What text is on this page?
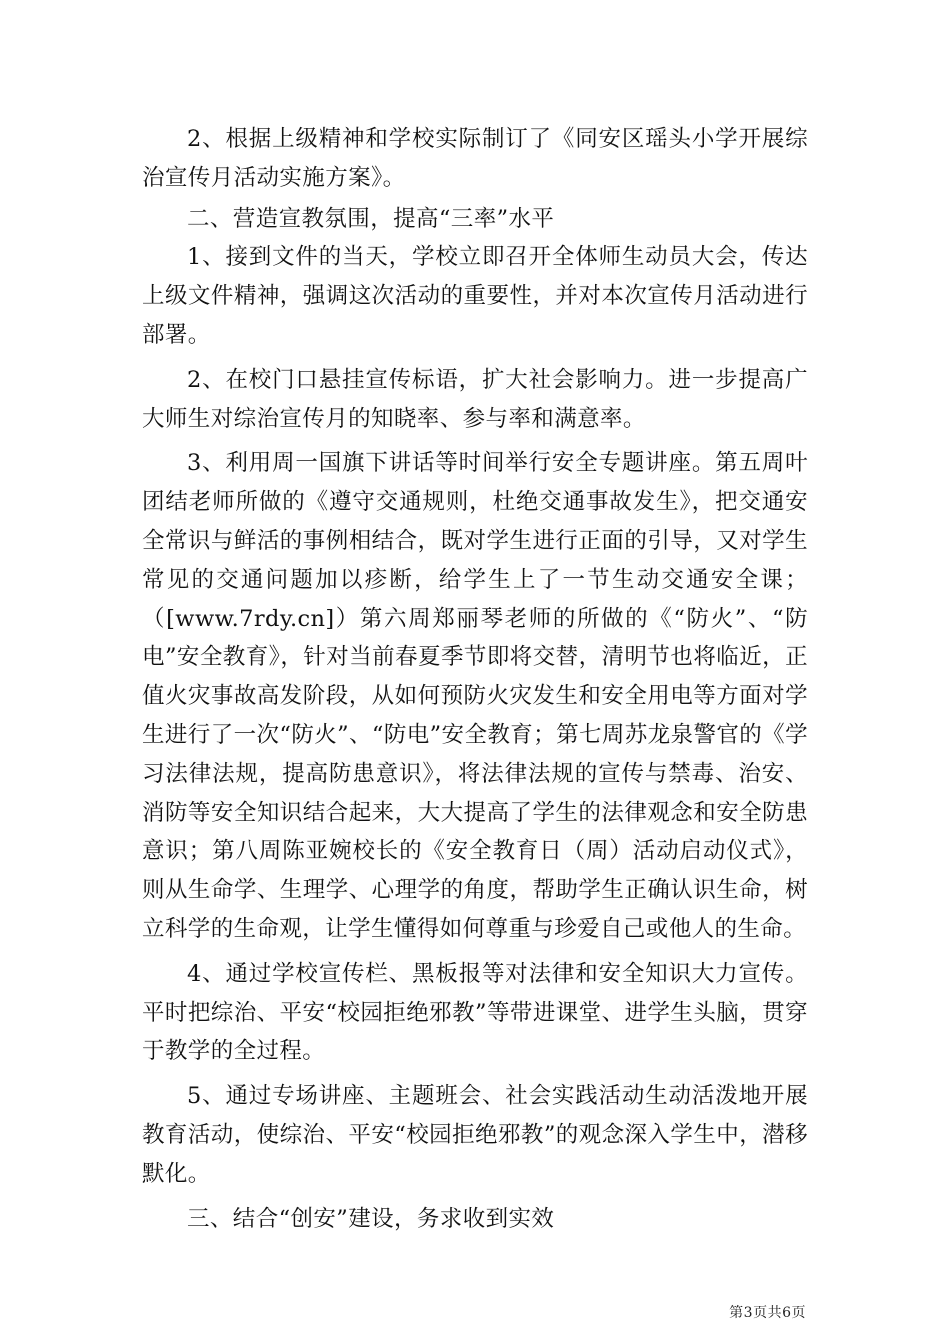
2、根据上级精神和学校实际制订了《同安区瑶头小学开展综治宣传月活动实施方案》。

二、营造宣教氛围，提高“三率”水平

1、接到文件的当天，学校立即召开全体师生动员大会，传达上级文件精神，强调这次活动的重要性，并对本次宣传月活动进行部署。

2、在校门口悬挂宣传标语，扩大社会影响力。进一步提高广大师生对综治宣传月的知晓率、参与率和满意率。

3、利用周一国旗下讲话等时间举行安全专题讲座。第五周叶团结老师所做的《遵守交通规则，杜绝交通事故发生》，把交通安全常识与鲜活的事例相结合，既对学生进行正面的引导，又对学生常见的交通问题加以疹断，给学生上了一节生动交通安全课；（[www.7rdy.cn]）第六周郑丽琴老师的所做的《“防火”、“防电”安全教育》，针对当前春夏季节即将交替，清明节也将临近，正值火灾事故高发阶段，从如何预防火灾发生和安全用电等方面对学生进行了一次“防火”、“防电”安全教育；第七周苏龙泉警官的《学习法律法规，提高防患意识》，将法律法规的宣传与禁毒、治安、消防等安全知识结合起来，大大提高了学生的法律观念和安全防患意识；第八周陈亚婉校长的《安全教育日（周）活动启动仪式》，则从生命学、生理学、心理学的角度，帮助学生正确认识生命，树立科学的生命观，让学生懂得如何尊重与珍爱自己或他人的生命。

4、通过学校宣传栏、黑板报等对法律和安全知识大力宣传。平时把综治、平安“校园拒绝邪教”等带进课堂、进学生头脑，贯穿于教学的全过程。

5、通过专场讲座、主题班会、社会实践活动生动活泼地开展教育活动，使综治、平安“校园拒绝邪教”的观念深入学生中，潜移默化。

三、结合“创安”建设，务求收到实效

第3页共6页
